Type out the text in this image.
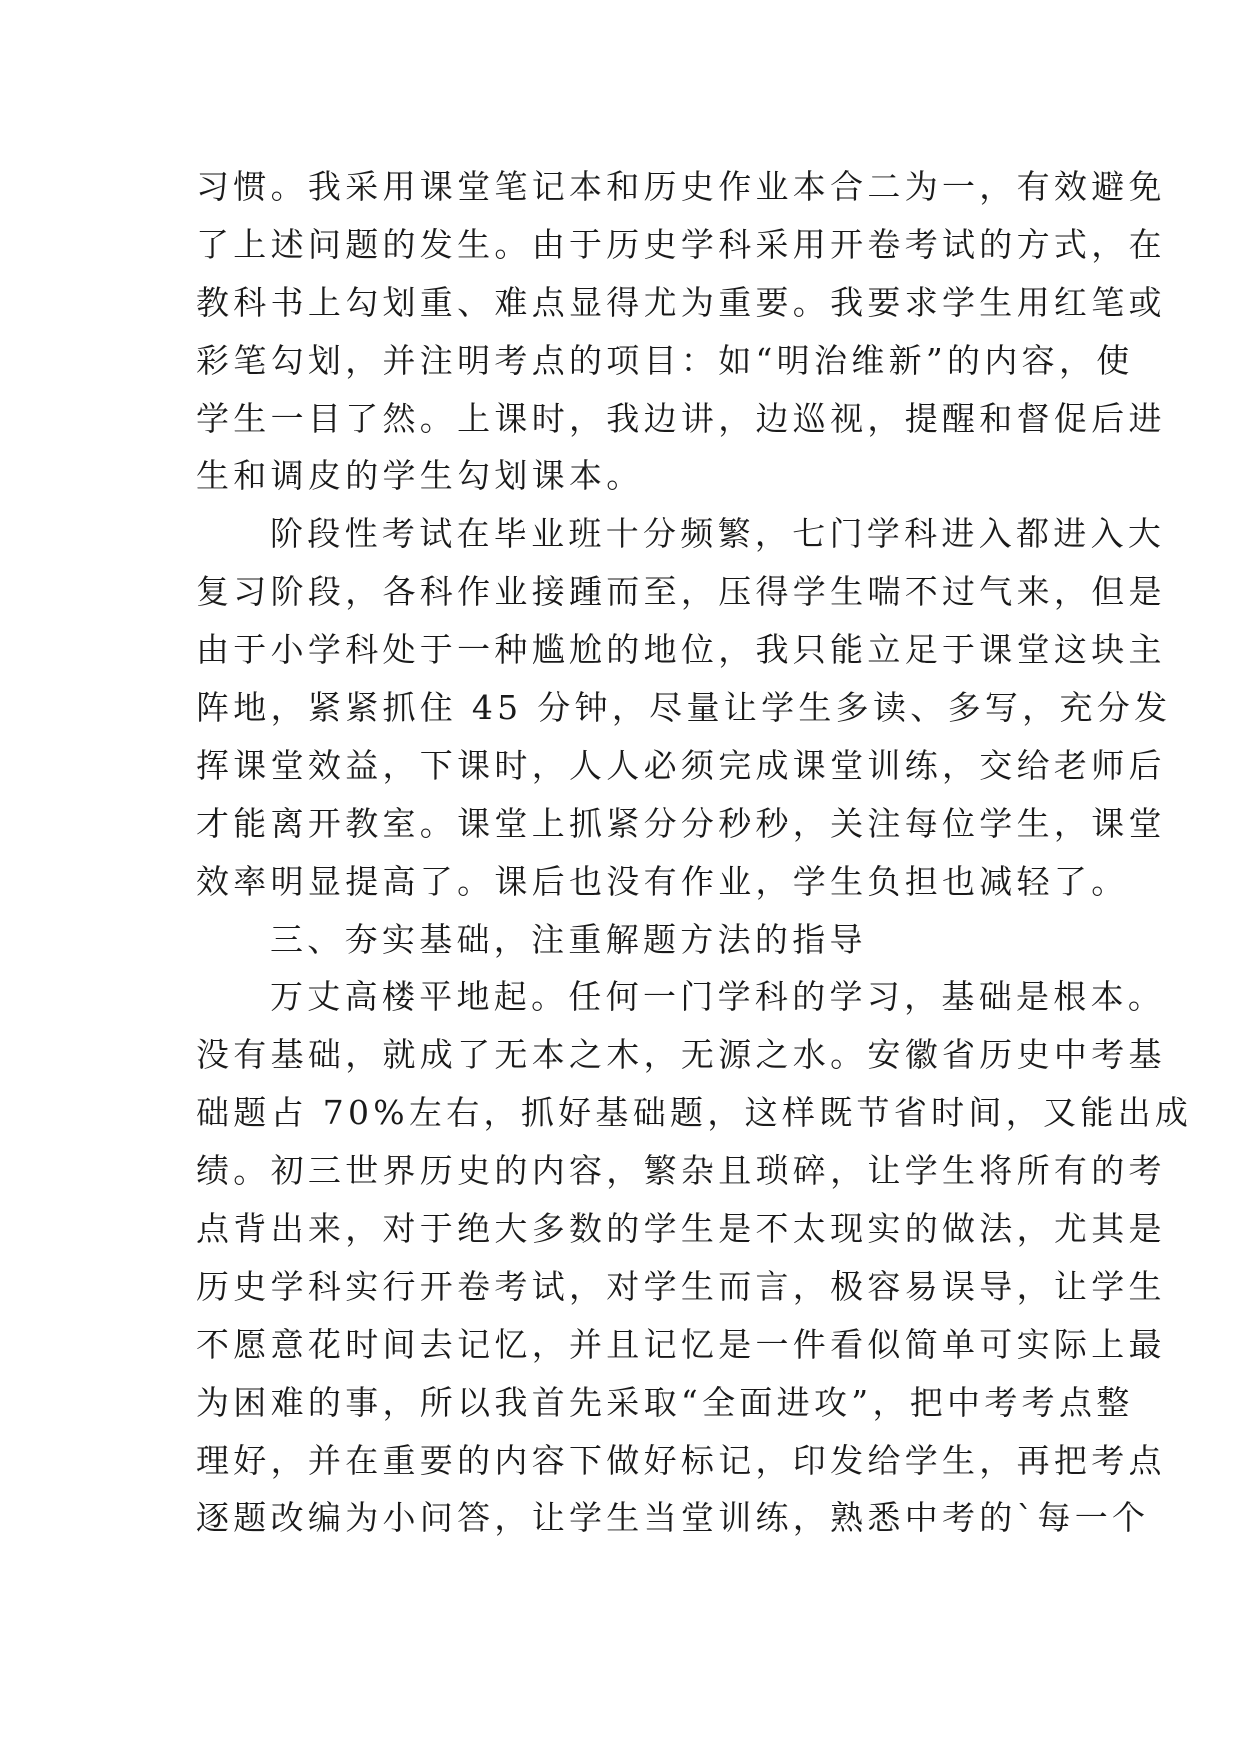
习惯。我采用课堂笔记本和历史作业本合二为一，有效避免
了上述问题的发生。由于历史学科采用开卷考试的方式，在
教科书上勾划重、难点显得尤为重要。我要求学生用红笔或
彩笔勾划，并注明考点的项目：如“明治维新”的内容，使
学生一目了然。上课时，我边讲，边巡视，提醒和督促后进
生和调皮的学生勾划课本。
阶段性考试在毕业班十分频繁，七门学科进入都进入大
复习阶段，各科作业接踵而至，压得学生喘不过气来，但是
由于小学科处于一种尴尬的地位，我只能立足于课堂这块主
阵地，紧紧抓住 45 分钟，尽量让学生多读、多写，充分发
挥课堂效益，下课时，人人必须完成课堂训练，交给老师后
才能离开教室。课堂上抓紧分分秒秒，关注每位学生，课堂
效率明显提高了。课后也没有作业，学生负担也减轻了。
三、夯实基础，注重解题方法的指导
万丈高楼平地起。任何一门学科的学习，基础是根本。
没有基础，就成了无本之木，无源之水。安徽省历史中考基
础题占 70%左右，抓好基础题，这样既节省时间，又能出成
绩。初三世界历史的内容，繁杂且琐碎，让学生将所有的考
点背出来，对于绝大多数的学生是不太现实的做法，尤其是
历史学科实行开卷考试，对学生而言，极容易误导，让学生
不愿意花时间去记忆，并且记忆是一件看似简单可实际上最
为困难的事，所以我首先采取“全面进攻”，把中考考点整
理好，并在重要的内容下做好标记，印发给学生，再把考点
逐题改编为小问答，让学生当堂训练，熟悉中考的`每一个
